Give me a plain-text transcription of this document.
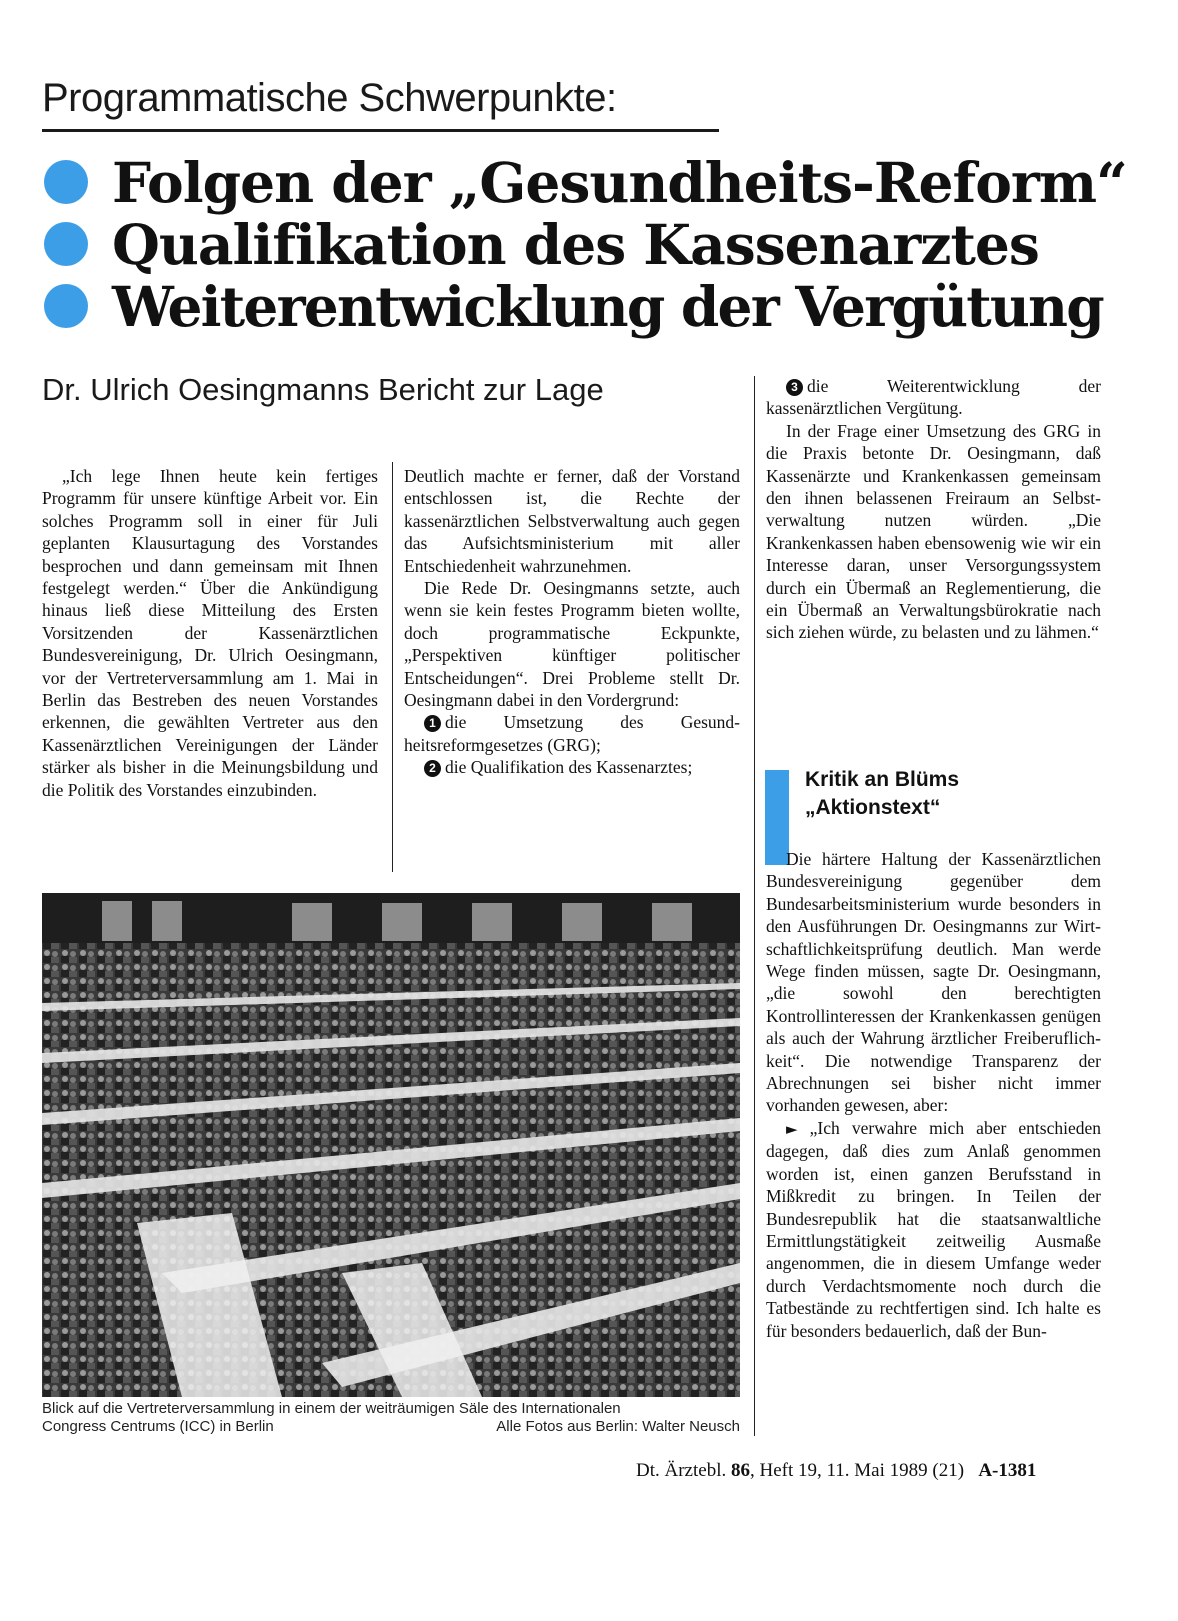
Programmatische Schwerpunkte:
Folgen der „Gesundheits-Reform“
Qualifikation des Kassenarztes
Weiterentwicklung der Vergütung
Dr. Ulrich Oesingmanns Bericht zur Lage

„Ich lege Ihnen heute kein fertiges Programm für unsere künftige Arbeit vor. Ein solches Programm soll in einer für Juli geplanten Klausurtagung des Vorstandes besprochen und dann gemeinsam mit Ihnen festgelegt werden.“ Über die Ankündigung hinaus ließ diese Mitteilung des Ersten Vorsitzenden der Kassenärztlichen Bundesvereinigung, Dr. Ulrich Oesingmann, vor der Vertreterversammlung am 1. Mai in Berlin das Bestreben des neuen Vorstandes erkennen, die gewählten Vertreter aus den Kassenärztlichen Vereinigungen der Länder stärker als bisher in die Meinungsbildung und die Politik des Vorstandes einzubinden.

Deutlich machte er ferner, daß der Vorstand entschlossen ist, die Rechte der kassenärztlichen Selbstverwaltung auch gegen das Aufsichtsministerium mit aller Entschiedenheit wahrzunehmen.

Die Rede Dr. Oesingmanns setzte, auch wenn sie kein festes Programm bieten wollte, doch programmatische Eckpunkte, „Perspektiven künftiger politischer Entscheidungen“. Drei Probleme stellt Dr. Oesingmann dabei in den Vordergrund:

1 die Umsetzung des Gesundheitsreformgesetzes (GRG);

2 die Qualifikation des Kassenarztes;

3 die Weiterentwicklung der kassenärztlichen Vergütung.

In der Frage einer Umsetzung des GRG in die Praxis betonte Dr. Oesingmann, daß Kassenärzte und Krankenkassen gemeinsam den ihnen belassenen Freiraum an Selbstverwaltung nutzen würden. „Die Krankenkassen haben ebensowenig wie wir ein Interesse daran, unser Versorgungssystem durch ein Übermaß an Reglementierung, die ein Übermaß an Verwaltungsbürokratie nach sich ziehen würde, zu belasten und zu lähmen.“

Kritik an Blüms
„Aktionstext“

Die härtere Haltung der Kassenärztlichen Bundesvereinigung gegenüber dem Bundesarbeitsministerium wurde besonders in den Ausführungen Dr. Oesingmanns zur Wirtschaftlichkeitsprüfung deutlich. Man werde Wege finden müssen, sagte Dr. Oesingmann, „die sowohl den berechtigten Kontrollinteressen der Krankenkassen genügen als auch der Wahrung ärztlicher Freiberuflichkeit“. Die notwendige Transparenz der Abrechnungen sei bisher nicht immer vorhanden gewesen, aber:

► „Ich verwahre mich aber entschieden dagegen, daß dies zum Anlaß genommen worden ist, einen ganzen Berufsstand in Mißkredit zu bringen. In Teilen der Bundesrepublik hat die staatsanwaltliche Ermittlungstätigkeit zeitweilig Ausmaße angenommen, die in diesem Umfange weder durch Verdachtsmomente noch durch die Tatbestände zu rechtfertigen sind. Ich halte es für besonders bedauerlich, daß der Bun-

Blick auf die Vertreterversammlung in einem der weiträumigen Säle des Internationalen
Congress Centrums (ICC) in Berlin	Alle Fotos aus Berlin: Walter Neusch
Dt. Ärztebl. 86, Heft 19, 11. Mai 1989 (21) A-1381
